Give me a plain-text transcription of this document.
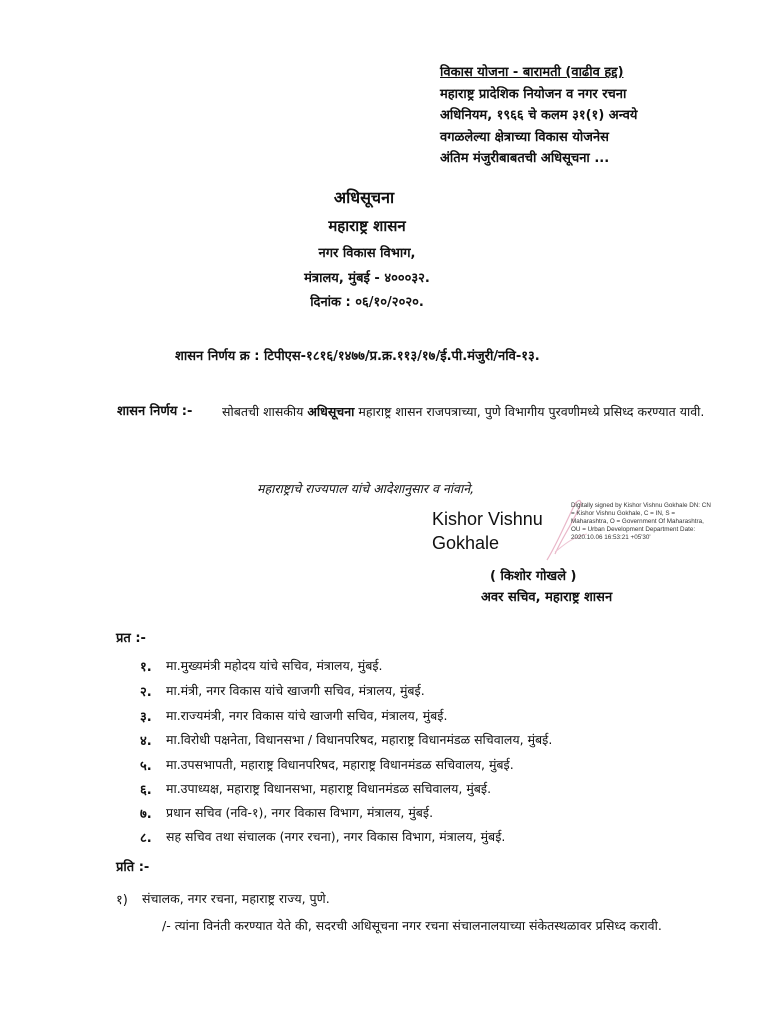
विकास योजना - बारामती (वाढीव हद्द)
महाराष्ट्र प्रादेशिक नियोजन व नगर रचना
अधिनियम, १९६६ चे कलम ३१(१) अन्वये
वगळलेल्या क्षेत्राच्या विकास योजनेस
अंतिम मंजुरीबाबतची अधिसूचना ...
अधिसूचना
महाराष्ट्र शासन
नगर विकास विभाग,
मंत्रालय, मुंबई - ४०००३२.
दिनांक : ०६/१०/२०२०.
शासन निर्णय क्र : टिपीएस-१८१६/१४७७/प्र.क्र.११३/१७/ई.पी.मंजुरी/नवि-१३.
शासन निर्णय :- सोबतची शासकीय अधिसूचना महाराष्ट्र शासन राजपत्राच्या, पुणे विभागीय पुरवणीमध्ये प्रसिध्द करण्यात यावी.
महाराष्ट्राचे राज्यपाल यांचे आदेशानुसार व नांवाने,
Kishor Vishnu Gokhale
Digitally signed by Kishor Vishnu Gokhale DN: CN = Kishor Vishnu Gokhale, C = IN, S = Maharashtra, O = Government Of Maharashtra, OU = Urban Development Department Date: 2020.10.06 16:53:21 +05'30'
( किशोर गोखले )
अवर सचिव, महाराष्ट्र शासन
प्रत :-
१. मा.मुख्यमंत्री महोदय यांचे सचिव, मंत्रालय, मुंबई.
२. मा.मंत्री, नगर विकास यांचे खाजगी सचिव, मंत्रालय, मुंबई.
३. मा.राज्यमंत्री, नगर विकास यांचे खाजगी सचिव, मंत्रालय, मुंबई.
४. मा.विरोधी पक्षनेता, विधानसभा / विधानपरिषद, महाराष्ट्र विधानमंडळ सचिवालय, मुंबई.
५. मा.उपसभापती, महाराष्ट्र विधानपरिषद, महाराष्ट्र विधानमंडळ सचिवालय, मुंबई.
६. मा.उपाध्यक्ष, महाराष्ट्र विधानसभा, महाराष्ट्र विधानमंडळ सचिवालय, मुंबई.
७. प्रधान सचिव (नवि-१), नगर विकास विभाग, मंत्रालय, मुंबई.
८. सह सचिव तथा संचालक (नगर रचना), नगर विकास विभाग, मंत्रालय, मुंबई.
प्रति :-
१) संचालक, नगर रचना, महाराष्ट्र राज्य, पुणे.
/- त्यांना विनंती करण्यात येते की, सदरची अधिसूचना नगर रचना संचालनालयाच्या संकेतस्थळावर प्रसिध्द करावी.
